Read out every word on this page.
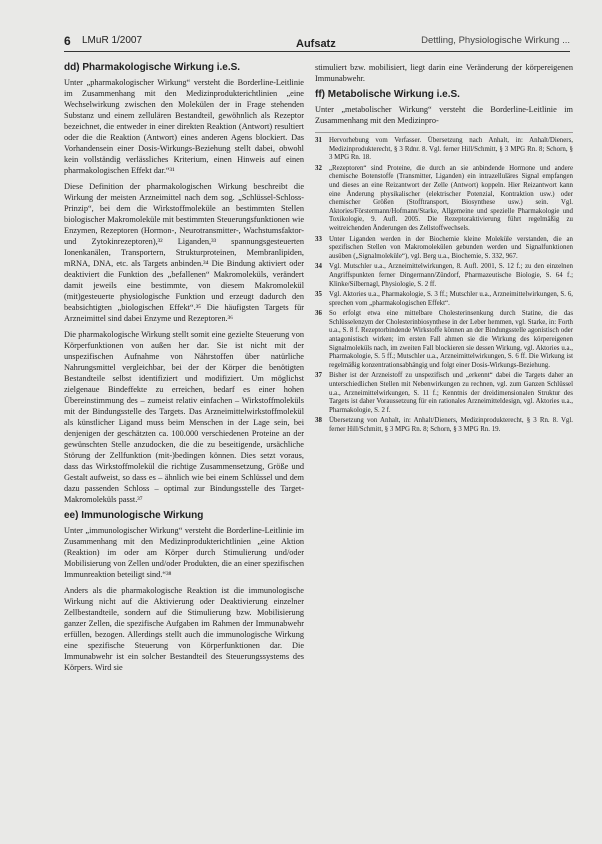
6 LMuR 1/2007	Aufsatz	Dettling, Physiologische Wirkung ...
dd) Pharmakologische Wirkung i.e.S.

Unter „pharmakologischer Wirkung“ versteht die Borderline-Leitlinie im Zusammenhang mit den Medizinprodukterichtlinien „eine Wechselwirkung zwischen den Molekülen der in Frage stehenden Substanz und einem zellulären Bestandteil, gewöhnlich als Rezeptor bezeichnet, die entweder in einer direkten Reaktion (Antwort) resultiert oder die die Reaktion (Antwort) eines anderen Agens blockiert. Das Vorhandensein einer Dosis-Wirkungs-Beziehung stellt dabei, obwohl kein vollständig verlässliches Kriterium, einen Hinweis auf einen pharmakologischen Effekt dar.“³¹

Diese Definition der pharmakologischen Wirkung beschreibt die Wirkung der meisten Arzneimittel nach dem sog. „Schlüssel-Schloss-Prinzip“, bei dem die Wirkstoffmoleküle an bestimmten Stellen biologischer Makromoleküle mit bestimmten Steuerungsfunktionen wie Enzymen, Rezeptoren (Hormon-, Neurotransmitter-, Wachstumsfaktor- und Zytokinrezeptoren),³² Liganden,³³ spannungsgesteuerten Ionenkanälen, Transportern, Strukturproteinen, Membranlipiden, mRNA, DNA, etc. als Targets anbinden.³⁴ Die Bindung aktiviert oder deaktiviert die Funktion des „befallenen“ Makromoleküls, verändert damit jeweils eine bestimmte, von diesem Makromolekül (mit)gesteuerte physiologische Funktion und erzeugt dadurch den beabsichtigten „biologischen Effekt“.³⁵ Die häufigsten Targets für Arzneimittel sind dabei Enzyme und Rezeptoren.³⁶

Die pharmakologische Wirkung stellt somit eine gezielte Steuerung von Körperfunktionen von außen her dar. Sie ist nicht mit der unspezifischen Aufnahme von Nährstoffen über natürliche Nahrungsmittel vergleichbar, bei der der Körper die benötigten Bestandteile selbst identifiziert und modifiziert. Um möglichst zielgenaue Bindeffekte zu erreichen, bedarf es einer hohen Übereinstimmung des – zumeist relativ einfachen – Wirkstoffmoleküls mit der Bindungsstelle des Targets. Das Arzneimittelwirkstoffmolekül als künstlicher Ligand muss beim Menschen in der Lage sein, bei denjenigen der geschätzten ca. 100.000 verschiedenen Proteine an der gewünschten Stelle anzudocken, die die zu beseitigende, ursächliche Störung der Zellfunktion (mit-)bedingen können. Dies setzt voraus, dass das Wirkstoffmolekül die richtige Zusammensetzung, Größe und Gestalt aufweist, so dass es – ähnlich wie bei einem Schlüssel und dem dazu passenden Schloss – optimal zur Bindungsstelle des Target-Makromoleküls passt.³⁷

ee) Immunologische Wirkung

Unter „immunologischer Wirkung“ versteht die Borderline-Leitlinie im Zusammenhang mit den Medizinprodukterichtlinien „eine Aktion (Reaktion) im oder am Körper durch Stimulierung und/oder Mobilisierung von Zellen und/oder Produkten, die an einer spezifischen Immunreaktion beteiligt sind.“³⁸

Anders als die pharmakologische Reaktion ist die immunologische Wirkung nicht auf die Aktivierung oder Deaktivierung einzelner Zellbestandteile, sondern auf die Stimulierung bzw. Mobilisierung ganzer Zellen, die spezifische Aufgaben im Rahmen der Immunabwehr erfüllen, bezogen. Allerdings stellt auch die immunologische Wirkung eine spezifische Steuerung von Körperfunktionen dar. Die Immunabwehr ist ein solcher Bestandteil des Steuerungssystems des Körpers. Wird sie

stimuliert bzw. mobilisiert, liegt darin eine Veränderung der körpereigenen Immunabwehr.

ff) Metabolische Wirkung i.e.S.

Unter „metabolischer Wirkung“ versteht die Borderline-Leitlinie im Zusammenhang mit den Medizinpro-

31	Hervorhebung vom Verfasser. Übersetzung nach Anhalt, in: Anhalt/Dieners, Medizinprodukterecht, § 3 Rdnr. 8. Vgl. ferner Hill/Schmitt, § 3 MPG Rn. 8; Schorn, § 3 MPG Rn. 18.
32	„Rezeptoren“ sind Proteine, die durch an sie anbindende Hormone und andere chemische Botenstoffe (Transmitter, Liganden) ein intrazelluläres Signal empfangen und dieses an eine Reizantwort der Zelle (Antwort) koppeln. Hier Reizantwort kann eine Änderung physikalischer (elektrischer Potenzial, Kontraktion usw.) oder chemischer Größen (Stofftransport, Biosynthese usw.) sein. Vgl. Aktories/Förstermann/Hofmann/Starke, Allgemeine und spezielle Pharmakologie und Toxikologie, 9. Aufl. 2005. Die Rezeptoraktivierung führt regelmäßig zu weitreichenden Änderungen des Zellstoffwechsels.
33	Unter Liganden werden in der Biochemie kleine Moleküle verstanden, die an spezifischen Stellen von Makromolekülen gebunden werden und Signalfunktionen ausüben („Signalmoleküle“), vgl. Berg u.a., Biochemie, S. 332, 967.
34	Vgl. Mutschler u.a., Arzneimittelwirkungen, 8. Aufl. 2001, S. 12 f.; zu den einzelnen Angriffspunkten ferner Dingermann/Zündorf, Pharmazeutische Biologie, S. 64 f.; Klinke/Silbernagl, Physiologie, S. 2 ff.
35	Vgl. Aktories u.a., Pharmakologie, S. 3 ff.; Mutschler u.a., Arzneimittelwirkungen, S. 6, sprechen vom „pharmakologischen Effekt“.
36	So erfolgt etwa eine mittelbare Cholesterinsenkung durch Statine, die das Schlüsselenzym der Cholesterinbiosynthese in der Leber hemmen, vgl. Starke, in: Forth u.a., S. 8 f. Rezeptorbindende Wirkstoffe können an der Bindungsstelle agonistisch oder antagonistisch wirken; im ersten Fall ahmen sie die Wirkung des körpereigenen Signalmoleküls nach, im zweiten Fall blockieren sie dessen Wirkung, vgl. Aktories u.a., Pharmakologie, S. 5 ff.; Mutschler u.a., Arzneimittelwirkungen, S. 6 ff. Die Wirkung ist regelmäßig konzentrationsabhängig und folgt einer Dosis-Wirkungs-Beziehung.
37	Bisher ist der Arzneistoff zu unspezifisch und „erkennt“ dabei die Targets daher an unterschiedlichen Stellen mit Nebenwirkungen zu rechnen, vgl. zum Ganzen Schlüssel u.a., Arzneimittelwirkungen, S. 11 f.; Kenntnis der dreidimensionalen Struktur des Targets ist daher Voraussetzung für ein rationales Arzneimitteldesign, vgl. Aktories u.a., Pharmakologie, S. 2 f.
38	Übersetzung von Anhalt, in: Anhalt/Dieners, Medizinprodukterecht, § 3 Rn. 8. Vgl. ferner Hill/Schmitt, § 3 MPG Rn. 8; Schorn, § 3 MPG Rn. 19.
